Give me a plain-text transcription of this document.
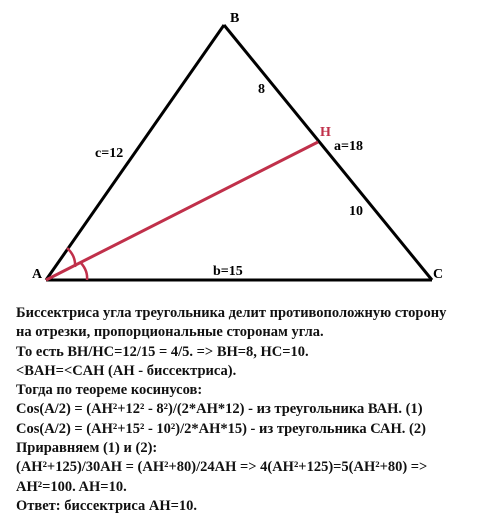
B
H
A	C
c=12	a=18
b=15
8
10
Биссектриса угла треугольника делит противоположную сторону
на отрезки, пропорциональные сторонам угла.
То есть BH/HC=12/15 = 4/5. => BH=8, HC=10.
<BAH=<CAH (AH - биссектриса).
Тогда по теореме косинусов:
Cos(A/2) = (AH²+12² - 8²)/(2*AH*12) - из треугольника ВАН. (1)
Cos(A/2) = (AH²+15² - 10²)/2*AH*15) - из треугольника САН. (2)
Приравняем (1) и (2):
(AH²+125)/30AH = (AH²+80)/24AH => 4(AH²+125)=5(AH²+80) =>
AH²=100. AH=10.
Ответ: биссектриса АН=10.
